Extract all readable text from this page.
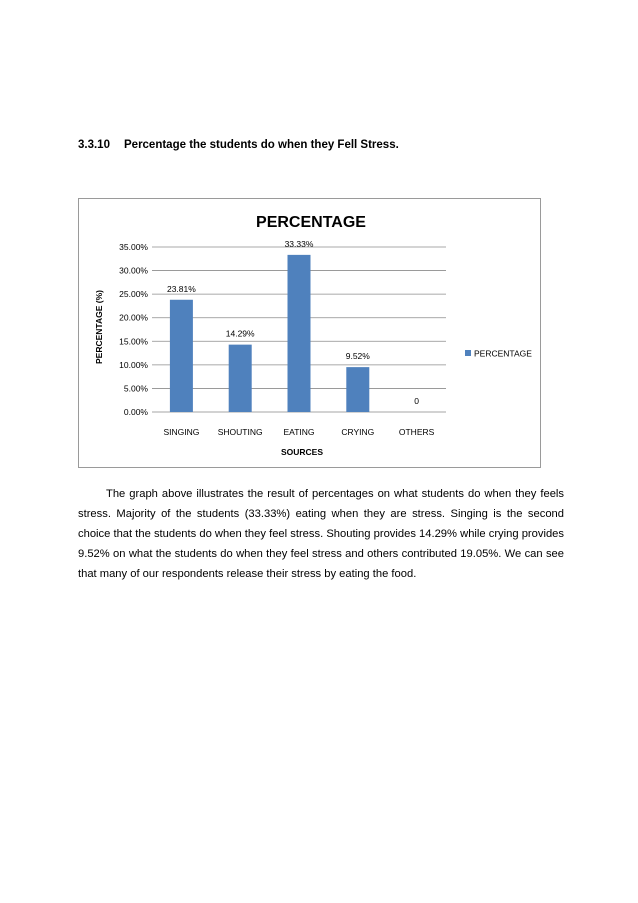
3.3.10 Percentage the students do when they Fell Stress.
PERCENTAGE
0.00%
5.00%
10.00%
15.00%
20.00%
25.00%
30.00%
35.00%
23.81%
14.29%
33.33%
9.52%
0
SINGING SHOUTING EATING	CRYING	OTHERS
PERCENTAGE (%)
SOURCES
PERCENTAGE

The graph above illustrates the result of percentages on what students do when they feels stress. Majority of the students (33.33%) eating when they are stress. Singing is the second choice that the students do when they feel stress. Shouting provides 14.29% while crying provides 9.52% on what the students do when they feel stress and others contributed 19.05%. We can see that many of our respondents release their stress by eating the food.
